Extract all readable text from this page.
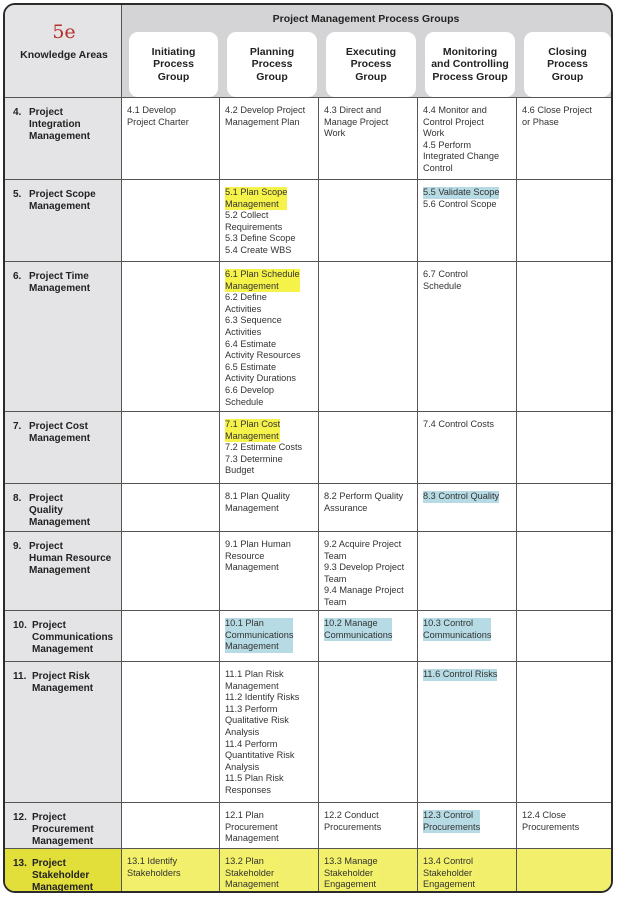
5e
Knowledge Areas
Project Management Process Groups
4. Project
Integration
Management
4.1 Develop
Project Charter
4.2 Develop Project
Management Plan
4.3 Direct and
Manage Project
Work
4.4 Monitor and
Control Project
Work
4.5 Perform
Integrated Change
Control
4.6 Close Project
or Phase
5. Project Scope
Management
5.1 Plan Scope
Management
5.2 Collect
Requirements
5.3 Define Scope
5.4 Create WBS
5.5 Validate Scope
5.6 Control Scope
6. Project Time
Management
6.1 Plan Schedule
Management
6.2 Define
Activities
6.3 Sequence
Activities
6.4 Estimate
Activity Resources
6.5 Estimate
Activity Durations
6.6 Develop
Schedule
6.7 Control
Schedule
7. Project Cost
Management
7.1 Plan Cost
Management
7.2 Estimate Costs
7.3 Determine
Budget
7.4 Control Costs
8. Project
Quality
Management
8.1 Plan Quality
Management
8.2 Perform Quality
Assurance
8.3 Control Quality
9. Project
Human Resource
Management
9.1 Plan Human
Resource
Management
9.2 Acquire Project
Team
9.3 Develop Project
Team
9.4 Manage Project
Team
10. Project
Communications
Management
10.1 Plan
Communications
Management
10.2 Manage
Communications
10.3 Control
Communications
11. Project Risk
Management
11.1 Plan Risk
Management
11.2 Identify Risks
11.3 Perform
Qualitative Risk
Analysis
11.4 Perform
Quantitative Risk
Analysis
11.5 Plan Risk
Responses
11.6 Control Risks
12. Project
Procurement
Management
12.1 Plan
Procurement
Management
12.2 Conduct
Procurements
12.3 Control
Procurements
12.4 Close
Procurements
13. Project
Stakeholder
Management
13.1 Identify
Stakeholders
13.2 Plan
Stakeholder
Management
13.3 Manage
Stakeholder
Engagement
13.4 Control
Stakeholder
Engagement
Initiating
Process
Group
Planning
Process
Group
Executing
Process
Group
Monitoring
and Controlling
Process Group
Closing
Process
Group
